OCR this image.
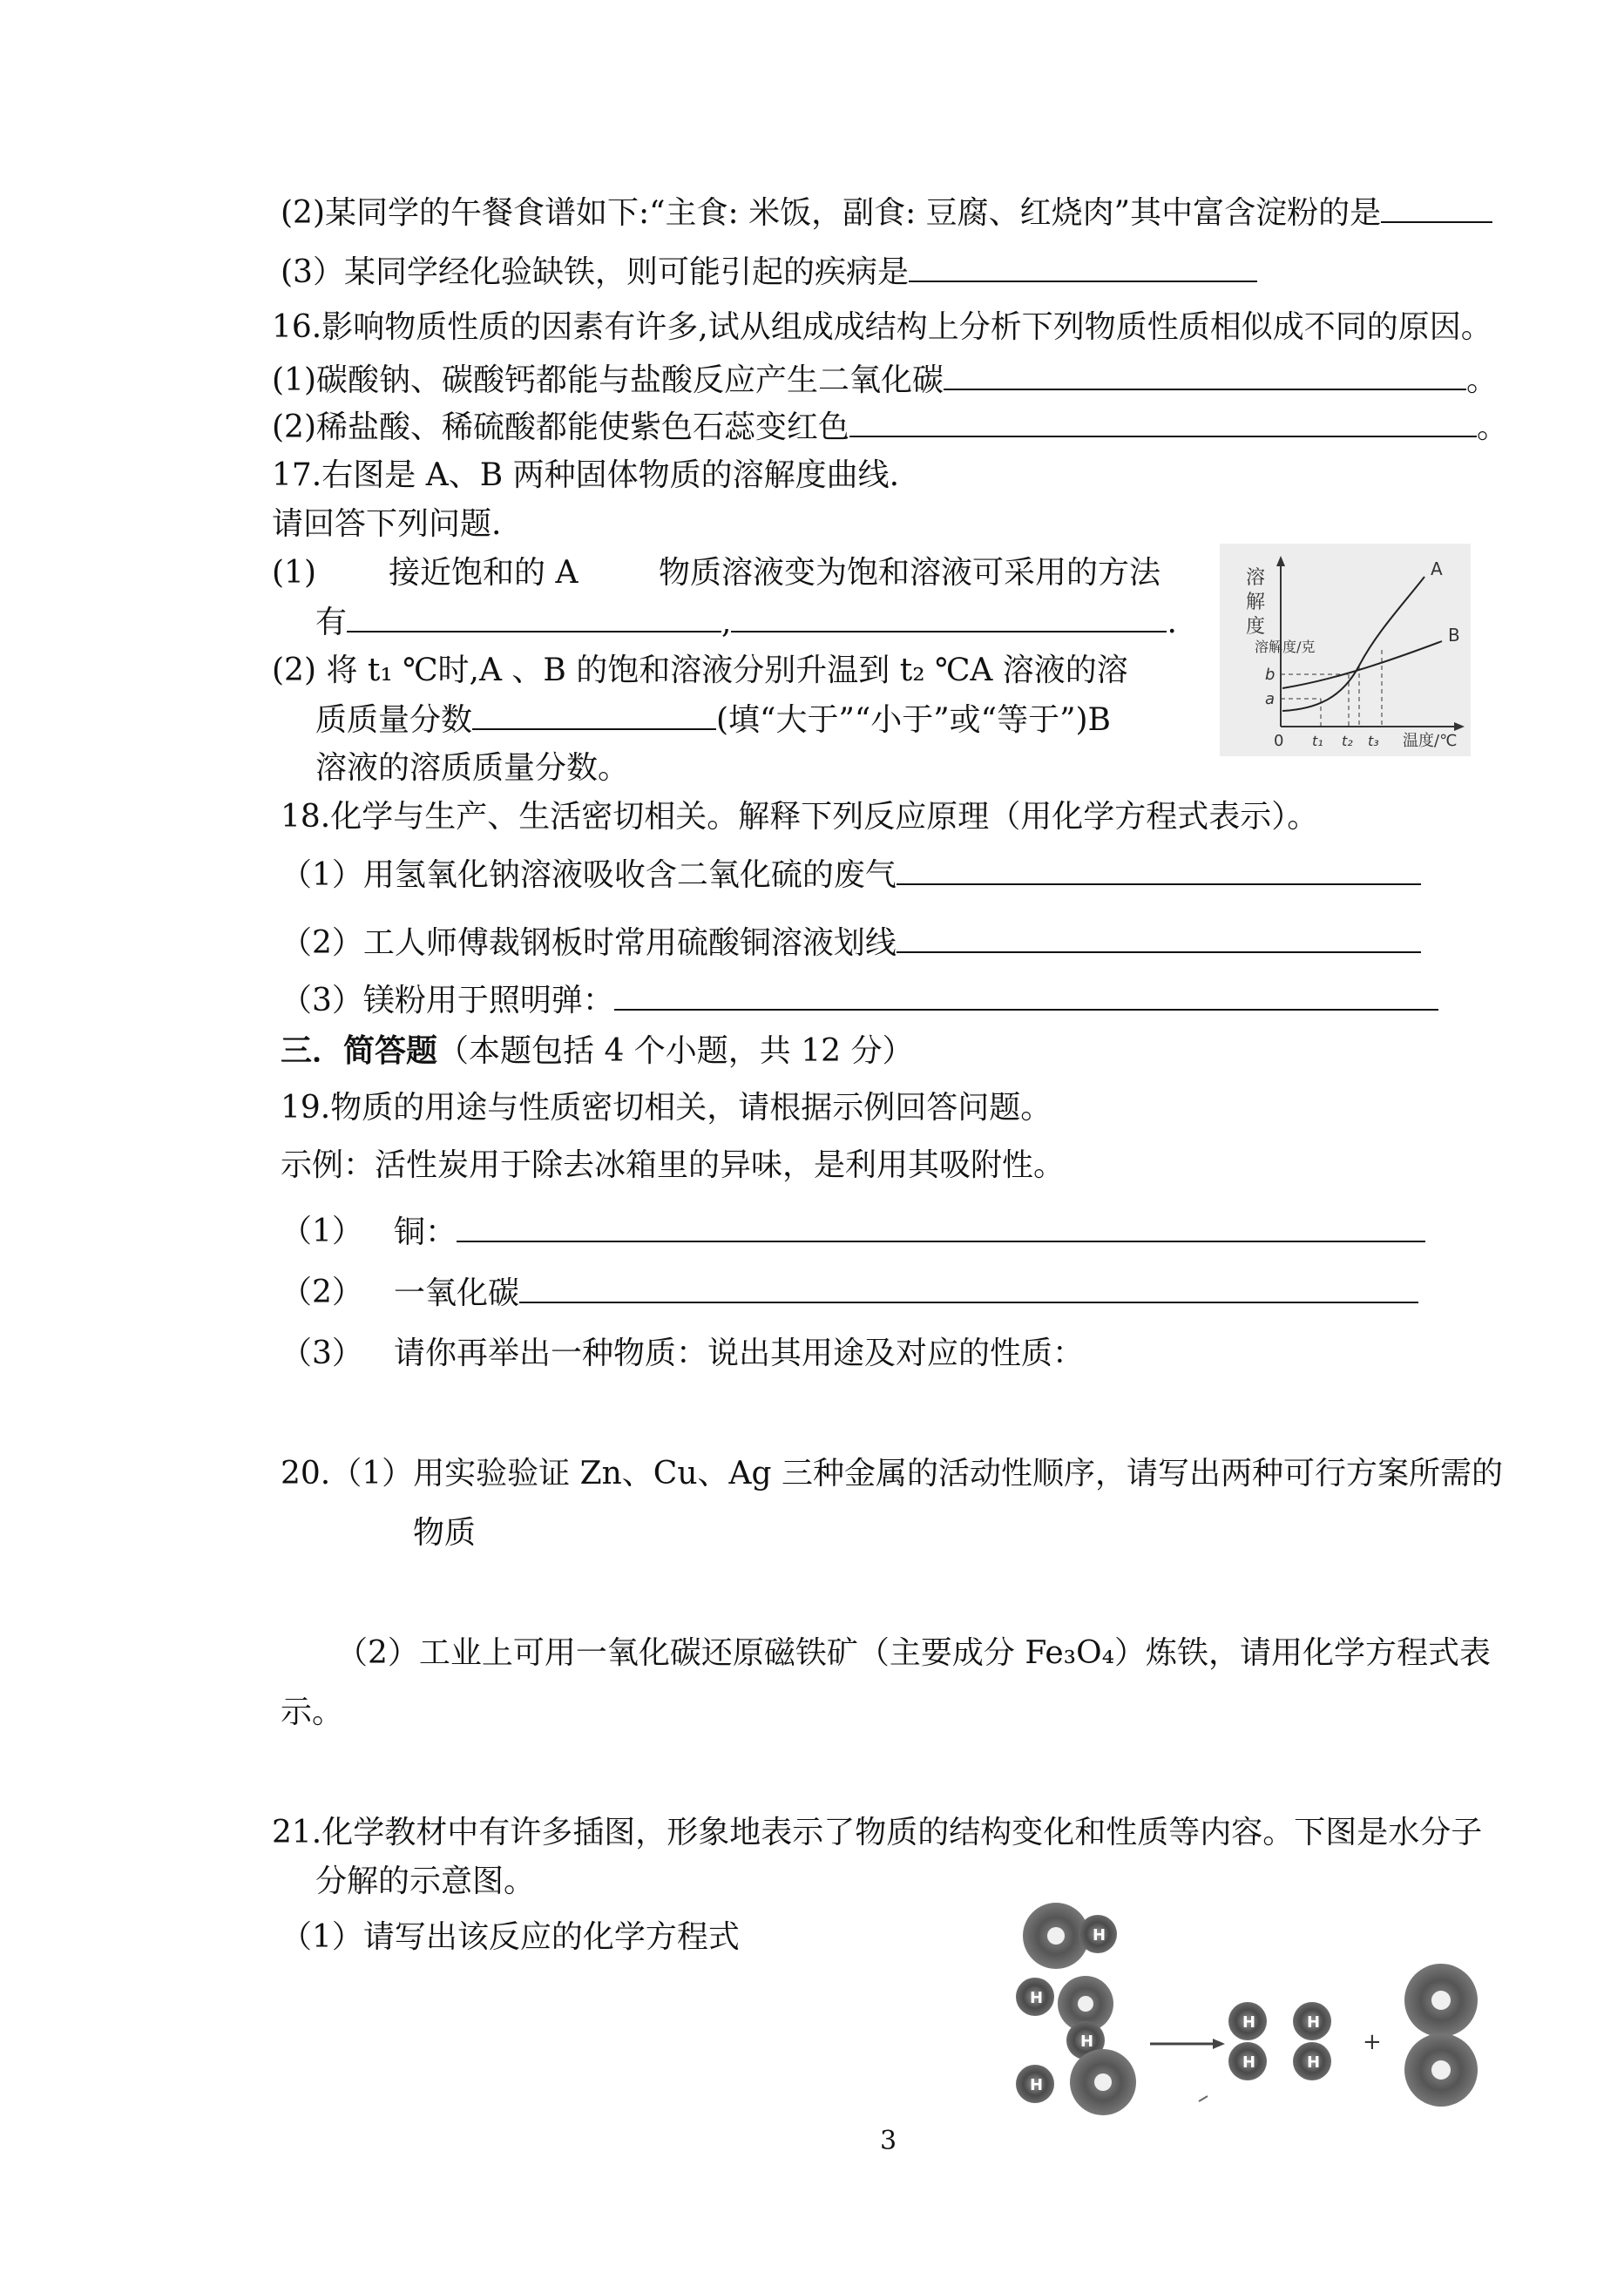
(2)某同学的午餐食谱如下:“主食: 米饭，副食: 豆腐、红烧肉”其中富含淀粉的是
(3）某同学经化验缺铁，则可能引起的疾病是
16.影响物质性质的因素有许多,试从组成成结构上分析下列物质性质相似成不同的原因。
(1)碳酸钠、碳酸钙都能与盐酸反应产生二氧化碳	。
(2)稀盐酸、稀硫酸都能使紫色石蕊变红色	。
17.右图是 A、B 两种固体物质的溶解度曲线.
请回答下列问题.
(1) 接近饱和的 A	物质溶液变为饱和溶液可采用的方法
有	,	.
(2) 将 t₁ ℃时,A 、B 的饱和溶液分别升温到 t₂ ℃A 溶液的溶
质质量分数	(填“大于”“小于”或“等于”)B
溶液的溶质质量分数。
溶
解
度
溶解度/克
A
B
b
a
0 t₁ t₂ t₃ 温度/℃
18.化学与生产、生活密切相关。解释下列反应原理（用化学方程式表示）。
（1）用氢氧化钠溶液吸收含二氧化硫的废气
（2）工人师傅裁钢板时常用硫酸铜溶液划线
（3）镁粉用于照明弹：
三．简答题（本题包括 4 个小题，共 12 分）
19.物质的用途与性质密切相关，请根据示例回答问题。
示例：活性炭用于除去冰箱里的异味，是利用其吸附性。
（1） 铜：
（2） 一氧化碳
（3） 请你再举出一种物质：说出其用途及对应的性质：
20.（1）用实验验证 Zn、Cu、Ag 三种金属的活动性顺序，请写出两种可行方案所需的
物质
（2）工业上可用一氧化碳还原磁铁矿（主要成分 Fe₃O₄）炼铁，请用化学方程式表
示。
21.化学教材中有许多插图，形象地表示了物质的结构变化和性质等内容。下图是水分子
分解的示意图。
（1）请写出该反应的化学方程式	H
H
H
H
H
H
H
H
+
3
